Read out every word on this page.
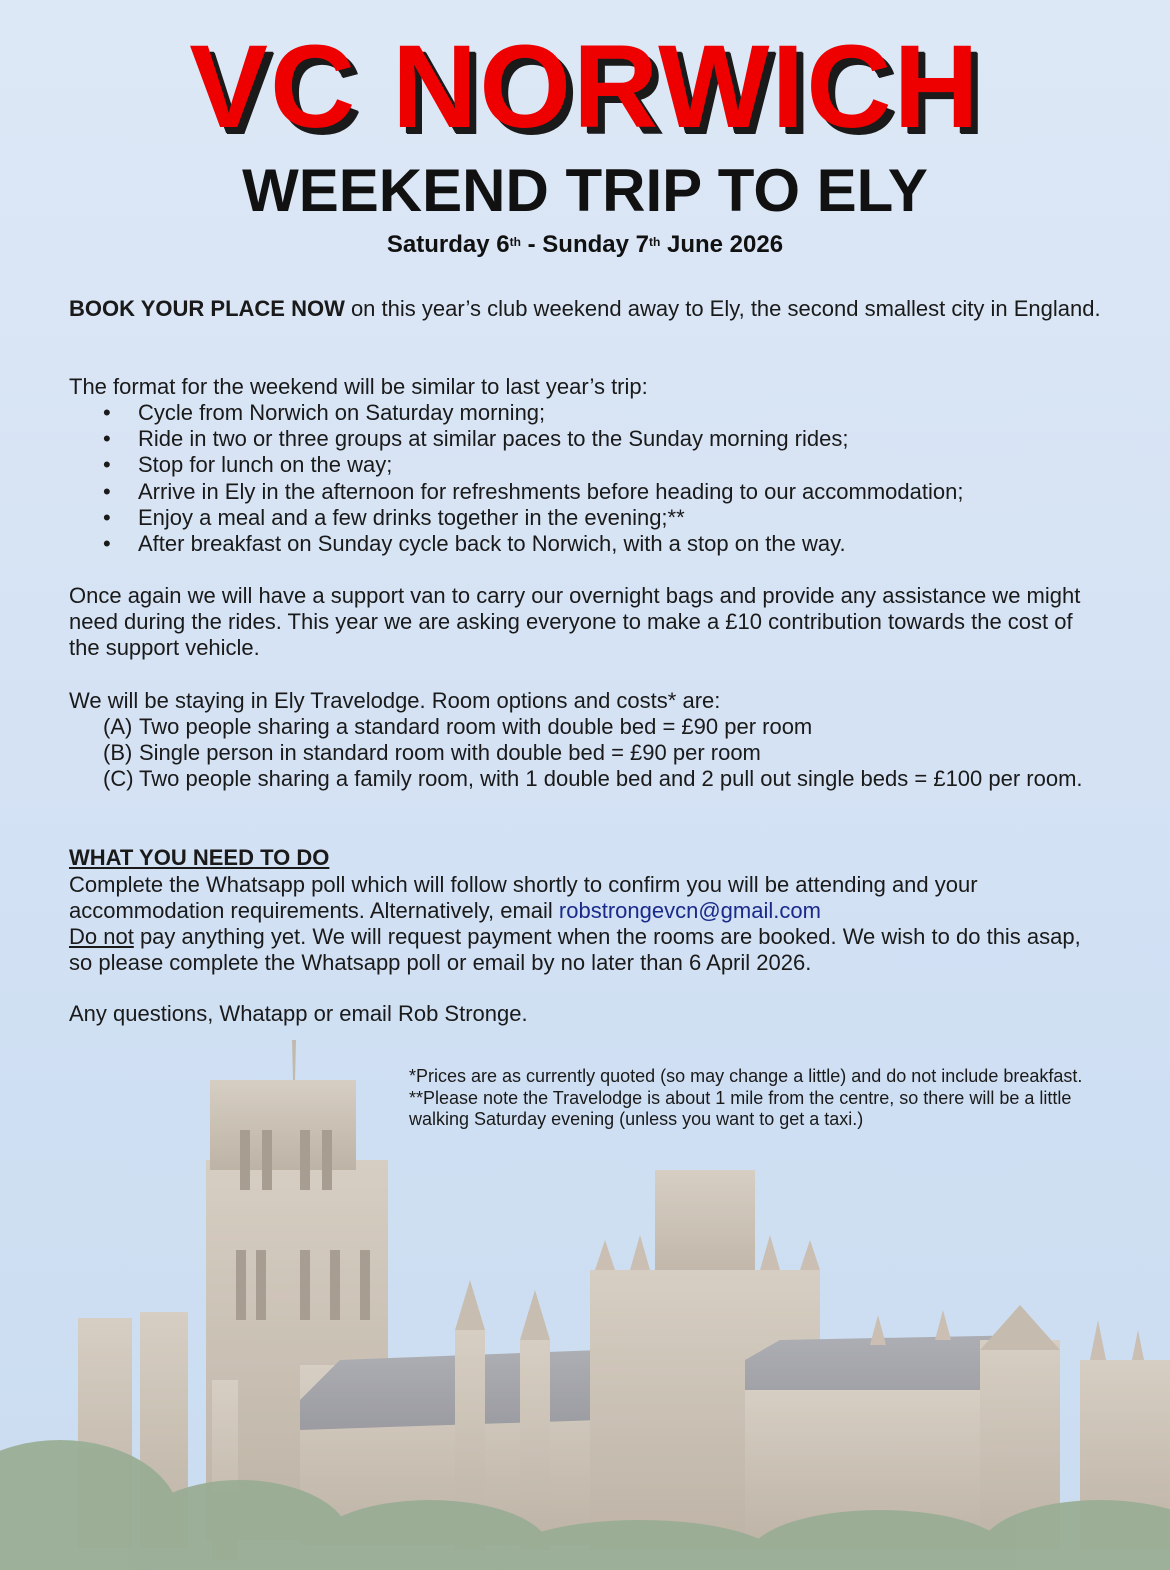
VC NORWICH
WEEKEND TRIP TO ELY
Saturday 6th - Sunday 7th June 2026

BOOK YOUR PLACE NOW on this year’s club weekend away to Ely, the second smallest city in England.

The format for the weekend will be similar to last year’s trip:

• Cycle from Norwich on Saturday morning;
• Ride in two or three groups at similar paces to the Sunday morning rides;
• Stop for lunch on the way;
• Arrive in Ely in the afternoon for refreshments before heading to our accommodation;
• Enjoy a meal and a few drinks together in the evening;**
• After breakfast on Sunday cycle back to Norwich, with a stop on the way.

Once again we will have a support van to carry our overnight bags and provide any assistance we might need during the rides. This year we are asking everyone to make a £10 contribution towards the cost of the support vehicle.

We will be staying in Ely Travelodge. Room options and costs* are:

(A) Two people sharing a standard room with double bed = £90 per room
(B) Single person in standard room with double bed = £90 per room
(C) Two people sharing a family room, with 1 double bed and 2 pull out single beds = £100 per room.

WHAT YOU NEED TO DO

Complete the Whatsapp poll which will follow shortly to confirm you will be attending and your accommodation requirements. Alternatively, email robstrongevcn@gmail.com
Do not pay anything yet. We will request payment when the rooms are booked. We wish to do this asap, so please complete the Whatsapp poll or email by no later than 6 April 2026.

Any questions, Whatapp or email Rob Stronge.

*Prices are as currently quoted (so may change a little) and do not include breakfast.

**Please note the Travelodge is about 1 mile from the centre, so there will be a little walking Saturday evening (unless you want to get a taxi.)
